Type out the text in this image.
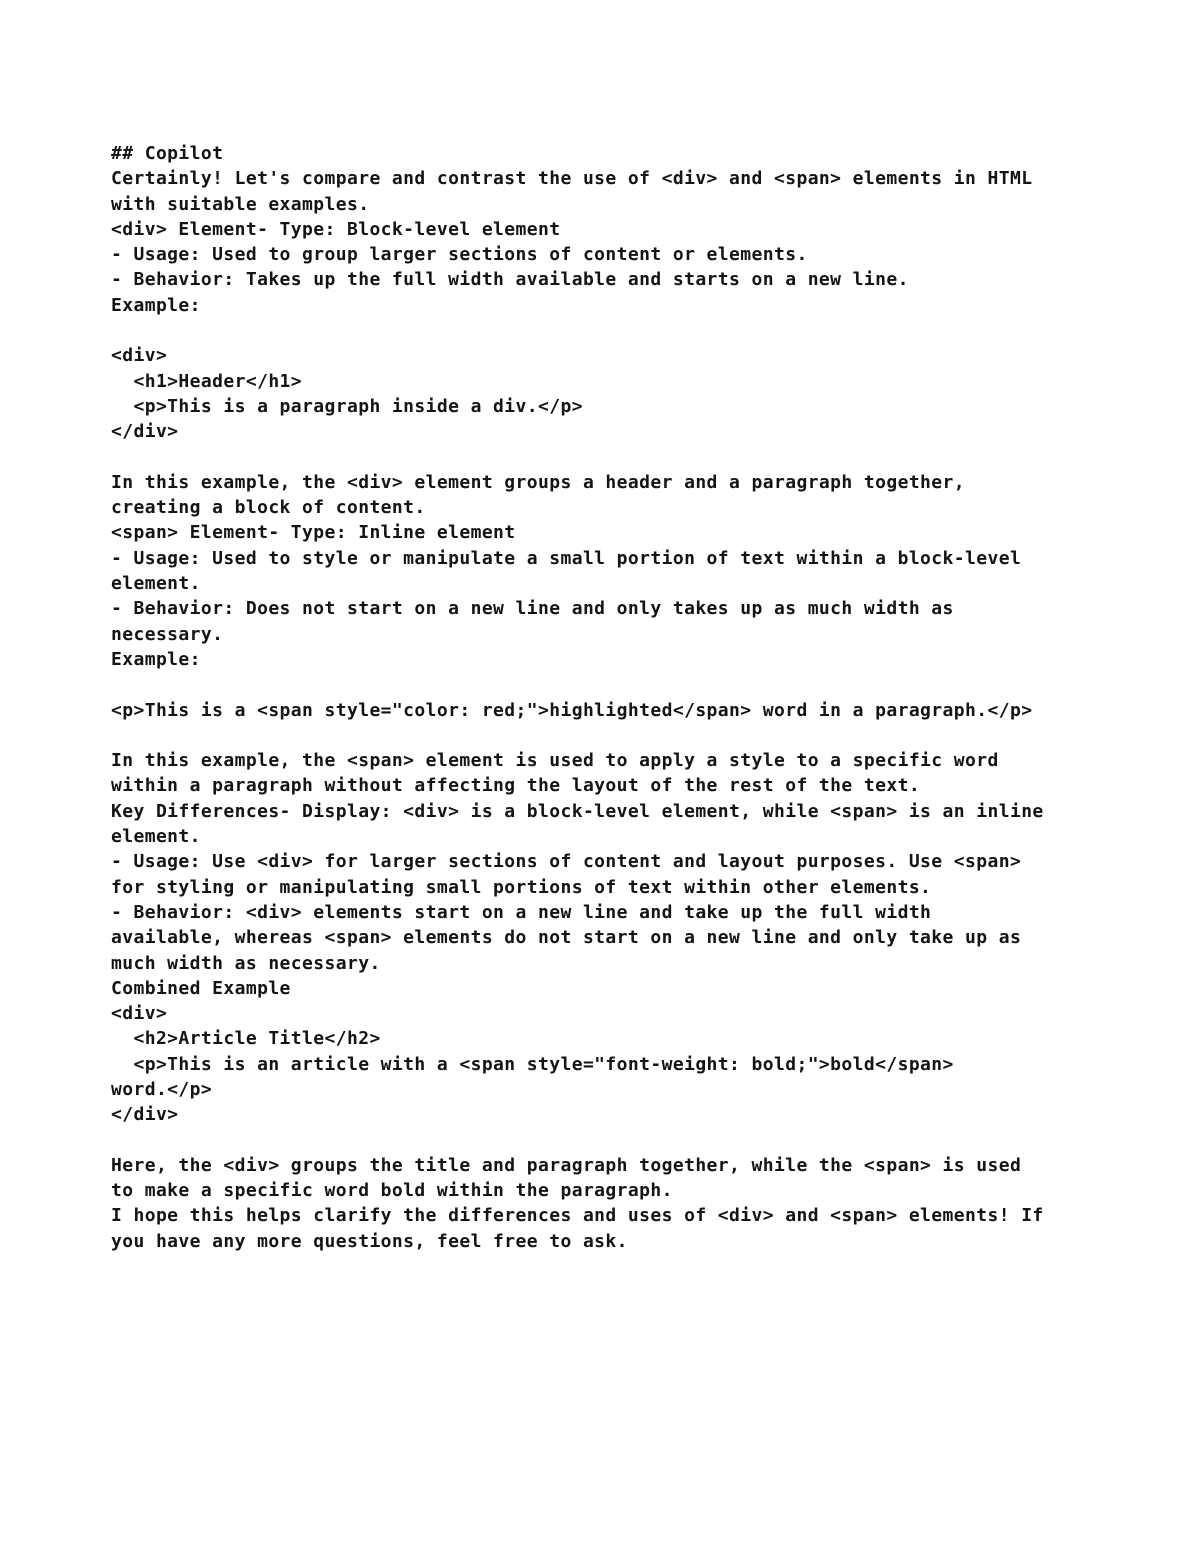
## Copilot
Certainly! Let's compare and contrast the use of <div> and <span> elements in HTML
with suitable examples.
<div> Element- Type: Block-level element
- Usage: Used to group larger sections of content or elements.
- Behavior: Takes up the full width available and starts on a new line.
Example:
<div>
<h1>Header</h1>
<p>This is a paragraph inside a div.</p>
</div>
In this example, the <div> element groups a header and a paragraph together,
creating a block of content.
<span> Element- Type: Inline element
- Usage: Used to style or manipulate a small portion of text within a block-level
element.
- Behavior: Does not start on a new line and only takes up as much width as
necessary.
Example:
<p>This is a <span style="color: red;">highlighted</span> word in a paragraph.</p>
In this example, the <span> element is used to apply a style to a specific word
within a paragraph without affecting the layout of the rest of the text.
Key Differences- Display: <div> is a block-level element, while <span> is an inline
element.
- Usage: Use <div> for larger sections of content and layout purposes. Use <span>
for styling or manipulating small portions of text within other elements.
- Behavior: <div> elements start on a new line and take up the full width
available, whereas <span> elements do not start on a new line and only take up as
much width as necessary.
Combined Example
<div>
<h2>Article Title</h2>
<p>This is an article with a <span style="font-weight: bold;">bold</span>
word.</p>
</div>
Here, the <div> groups the title and paragraph together, while the <span> is used
to make a specific word bold within the paragraph.
I hope this helps clarify the differences and uses of <div> and <span> elements! If
you have any more questions, feel free to ask.
